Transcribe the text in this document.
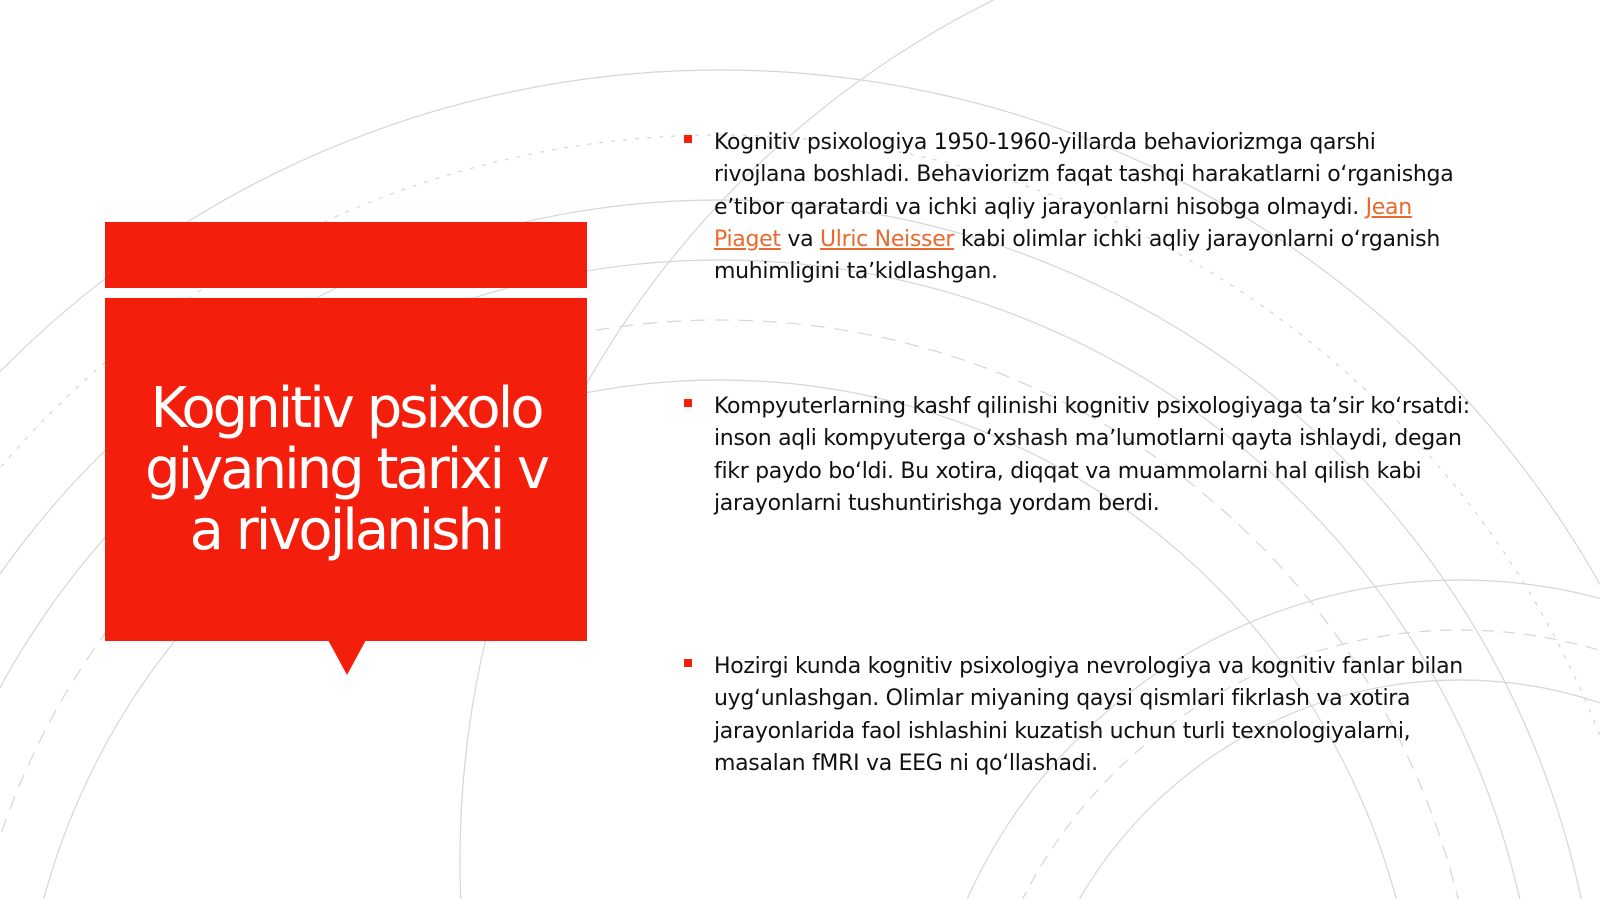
Kognitiv psixologiyaning tarixi va rivojlanishi
Kognitiv psixologiya 1950-1960-yillarda behaviorizmga qarshi rivojlana boshladi. Behaviorizm faqat tashqi harakatlarni oʻrganishga eʼtibor qaratardi va ichki aqliy jarayonlarni hisobga olmaydi. Jean Piaget va Ulric Neisser kabi olimlar ichki aqliy jarayonlarni oʻrganish muhimligini taʼkidlashgan.
Kompyuterlarning kashf qilinishi kognitiv psixologiyaga taʼsir koʻrsatdi: inson aqli kompyuterga oʻxshash maʼlumotlarni qayta ishlaydi, degan fikr paydo boʻldi. Bu xotira, diqqat va muammolarni hal qilish kabi jarayonlarni tushuntirishga yordam berdi.
Hozirgi kunda kognitiv psixologiya nevrologiya va kognitiv fanlar bilan uygʻunlashgan. Olimlar miyaning qaysi qismlari fikrlash va xotira jarayonlarida faol ishlashini kuzatish uchun turli texnologiyalarni, masalan fMRI va EEG ni qoʻllashadi.
